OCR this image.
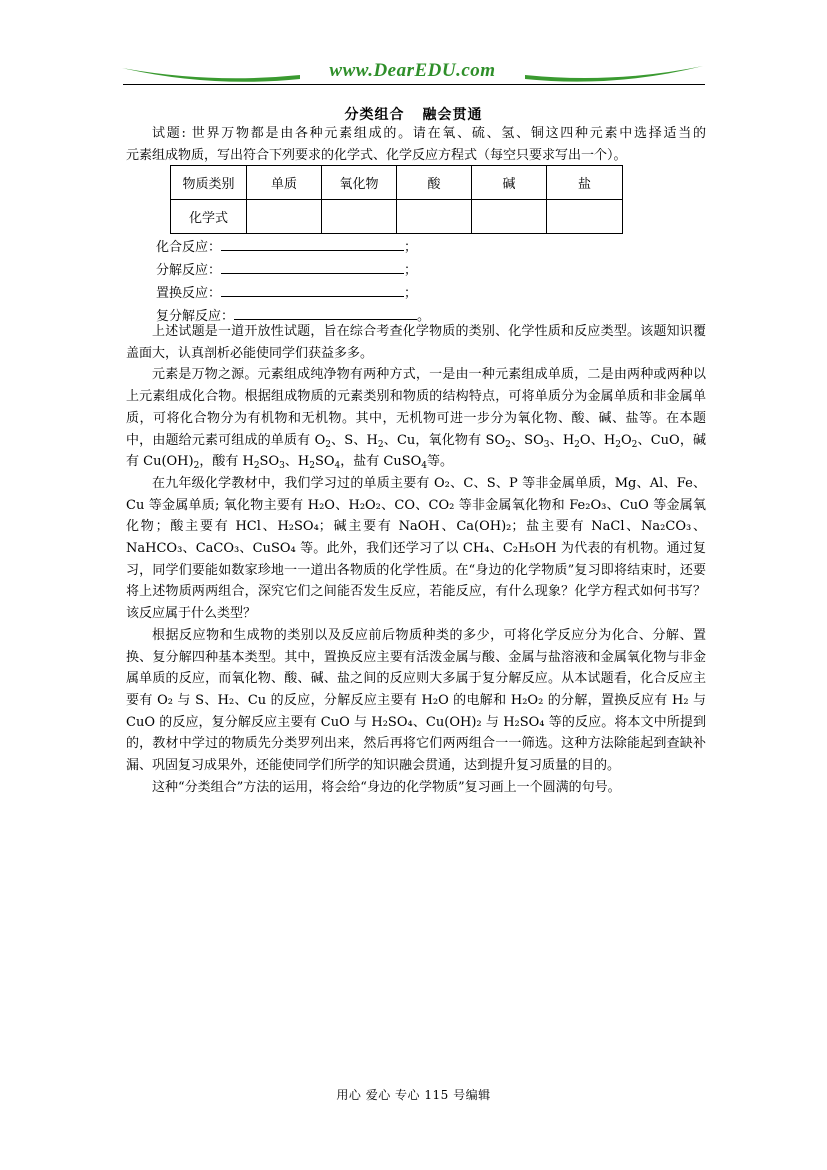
www.DearEDU.com
分类组合 融会贯通
试题: 世界万物都是由各种元素组成的。请在氧、硫、氢、铜这四种元素中选择适当的
元素组成物质，写出符合下列要求的化学式、化学反应方程式（每空只要求写出一个）。
物质类别	单质	氧化物	酸	碱	盐
化学式					
化合反应：	；
分解反应：	；
置换反应：	；
复分解反应：	。

上述试题是一道开放性试题，旨在综合考查化学物质的类别、化学性质和反应类型。该题知识覆盖面大，认真剖析必能使同学们获益多多。

元素是万物之源。元素组成纯净物有两种方式，一是由一种元素组成单质，二是由两种或两种以上元素组成化合物。根据组成物质的元素类别和物质的结构特点，可将单质分为金属单质和非金属单质，可将化合物分为有机物和无机物。其中，无机物可进一步分为氧化物、酸、碱、盐等。在本题中，由题给元素可组成的单质有 $O_2$、S、$H_2$、Cu，氧化物有 $SO_2$、$SO_3$、$H_2O$、$H_2O_2$、CuO，碱有 $Cu(OH)_2$，酸有 $H_2SO_3$、$H_2SO_4$，盐有 CuSO$_4$等。

在九年级化学教材中，我们学习过的单质主要有 O₂、C、S、P 等非金属单质，Mg、Al、Fe、Cu 等金属单质; 氧化物主要有 H₂O、H₂O₂、CO、CO₂ 等非金属氧化物和 Fe₂O₃、CuO 等金属氧化物；酸主要有 HCl、H₂SO₄；碱主要有 NaOH、Ca(OH)₂；盐主要有 NaCl、Na₂CO₃、NaHCO₃、CaCO₃、CuSO₄ 等。此外，我们还学习了以 CH₄、C₂H₅OH 为代表的有机物。通过复习，同学们要能如数家珍地一一道出各物质的化学性质。在“身边的化学物质”复习即将结束时，还要将上述物质两两组合，深究它们之间能否发生反应，若能反应，有什么现象？化学方程式如何书写？该反应属于什么类型？

根据反应物和生成物的类别以及反应前后物质种类的多少，可将化学反应分为化合、分解、置换、复分解四种基本类型。其中，置换反应主要有活泼金属与酸、金属与盐溶液和金属氧化物与非金属单质的反应，而氧化物、酸、碱、盐之间的反应则大多属于复分解反应。从本试题看，化合反应主要有 O₂ 与 S、H₂、Cu 的反应，分解反应主要有 H₂O 的电解和 H₂O₂ 的分解，置换反应有 H₂ 与 CuO 的反应，复分解反应主要有 CuO 与 H₂SO₄、Cu(OH)₂ 与 H₂SO₄ 等的反应。将本文中所提到的，教材中学过的物质先分类罗列出来，然后再将它们两两组合一一筛选。这种方法除能起到查缺补漏、巩固复习成果外，还能使同学们所学的知识融会贯通，达到提升复习质量的目的。

这种“分类组合”方法的运用，将会给“身边的化学物质”复习画上一个圆满的句号。

用心 爱心 专心 115 号编辑
